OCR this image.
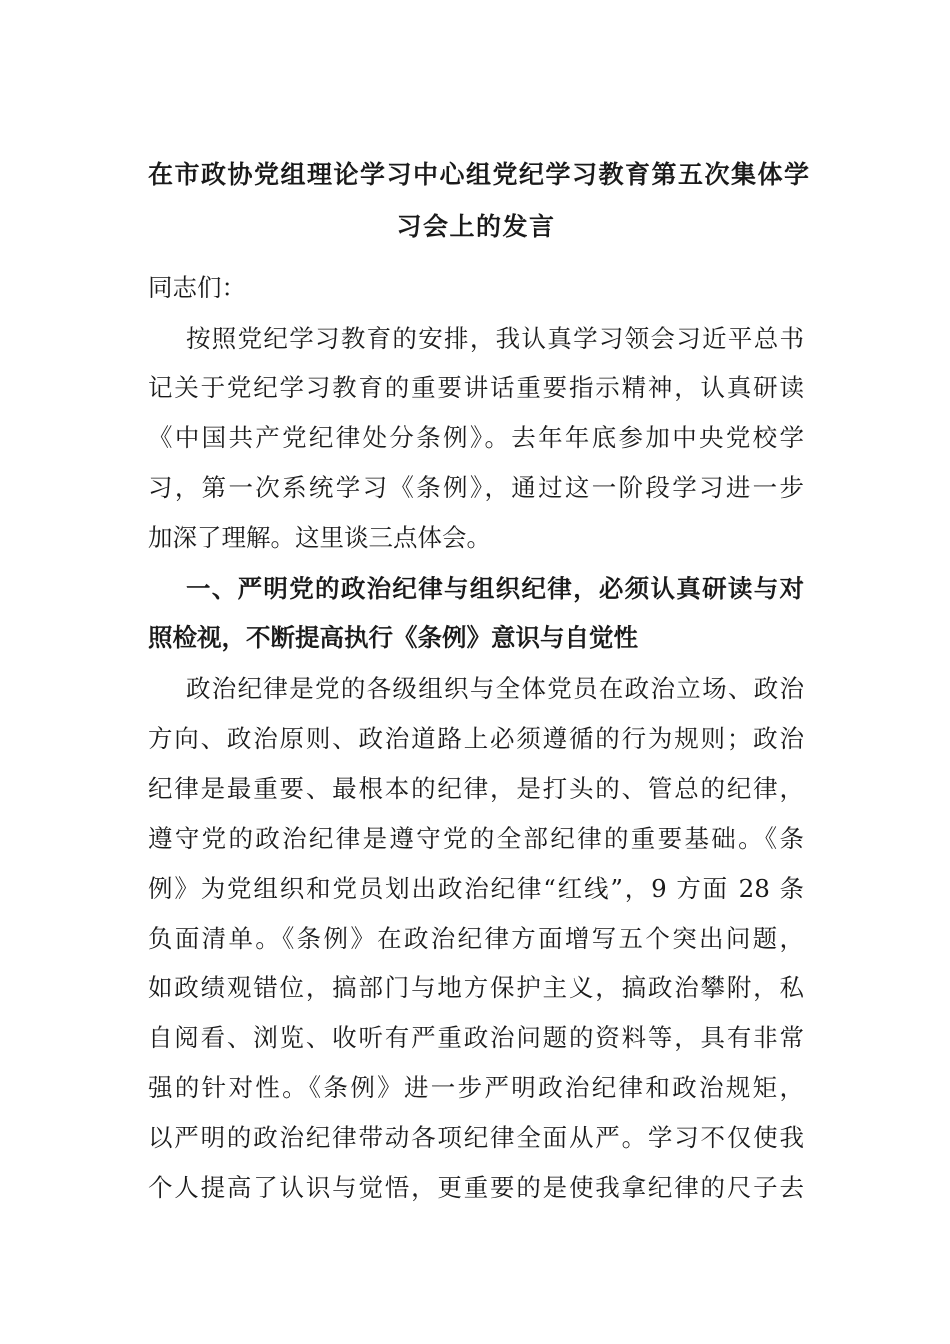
在市政协党组理论学习中心组党纪学习教育第五次集体学
习会上的发言
同志们：
按照党纪学习教育的安排，我认真学习领会习近平总书
记关于党纪学习教育的重要讲话重要指示精神，认真研读
《中国共产党纪律处分条例》。去年年底参加中央党校学
习，第一次系统学习《条例》，通过这一阶段学习进一步
加深了理解。这里谈三点体会。
一、严明党的政治纪律与组织纪律，必须认真研读与对
照检视，不断提高执行《条例》意识与自觉性
政治纪律是党的各级组织与全体党员在政治立场、政治
方向、政治原则、政治道路上必须遵循的行为规则；政治
纪律是最重要、最根本的纪律，是打头的、管总的纪律，
遵守党的政治纪律是遵守党的全部纪律的重要基础。《条
例》为党组织和党员划出政治纪律“红线”，9 方面 28 条
负面清单。《条例》在政治纪律方面增写五个突出问题，
如政绩观错位，搞部门与地方保护主义，搞政治攀附，私
自阅看、浏览、收听有严重政治问题的资料等，具有非常
强的针对性。《条例》进一步严明政治纪律和政治规矩，
以严明的政治纪律带动各项纪律全面从严。学习不仅使我
个人提高了认识与觉悟，更重要的是使我拿纪律的尺子去
